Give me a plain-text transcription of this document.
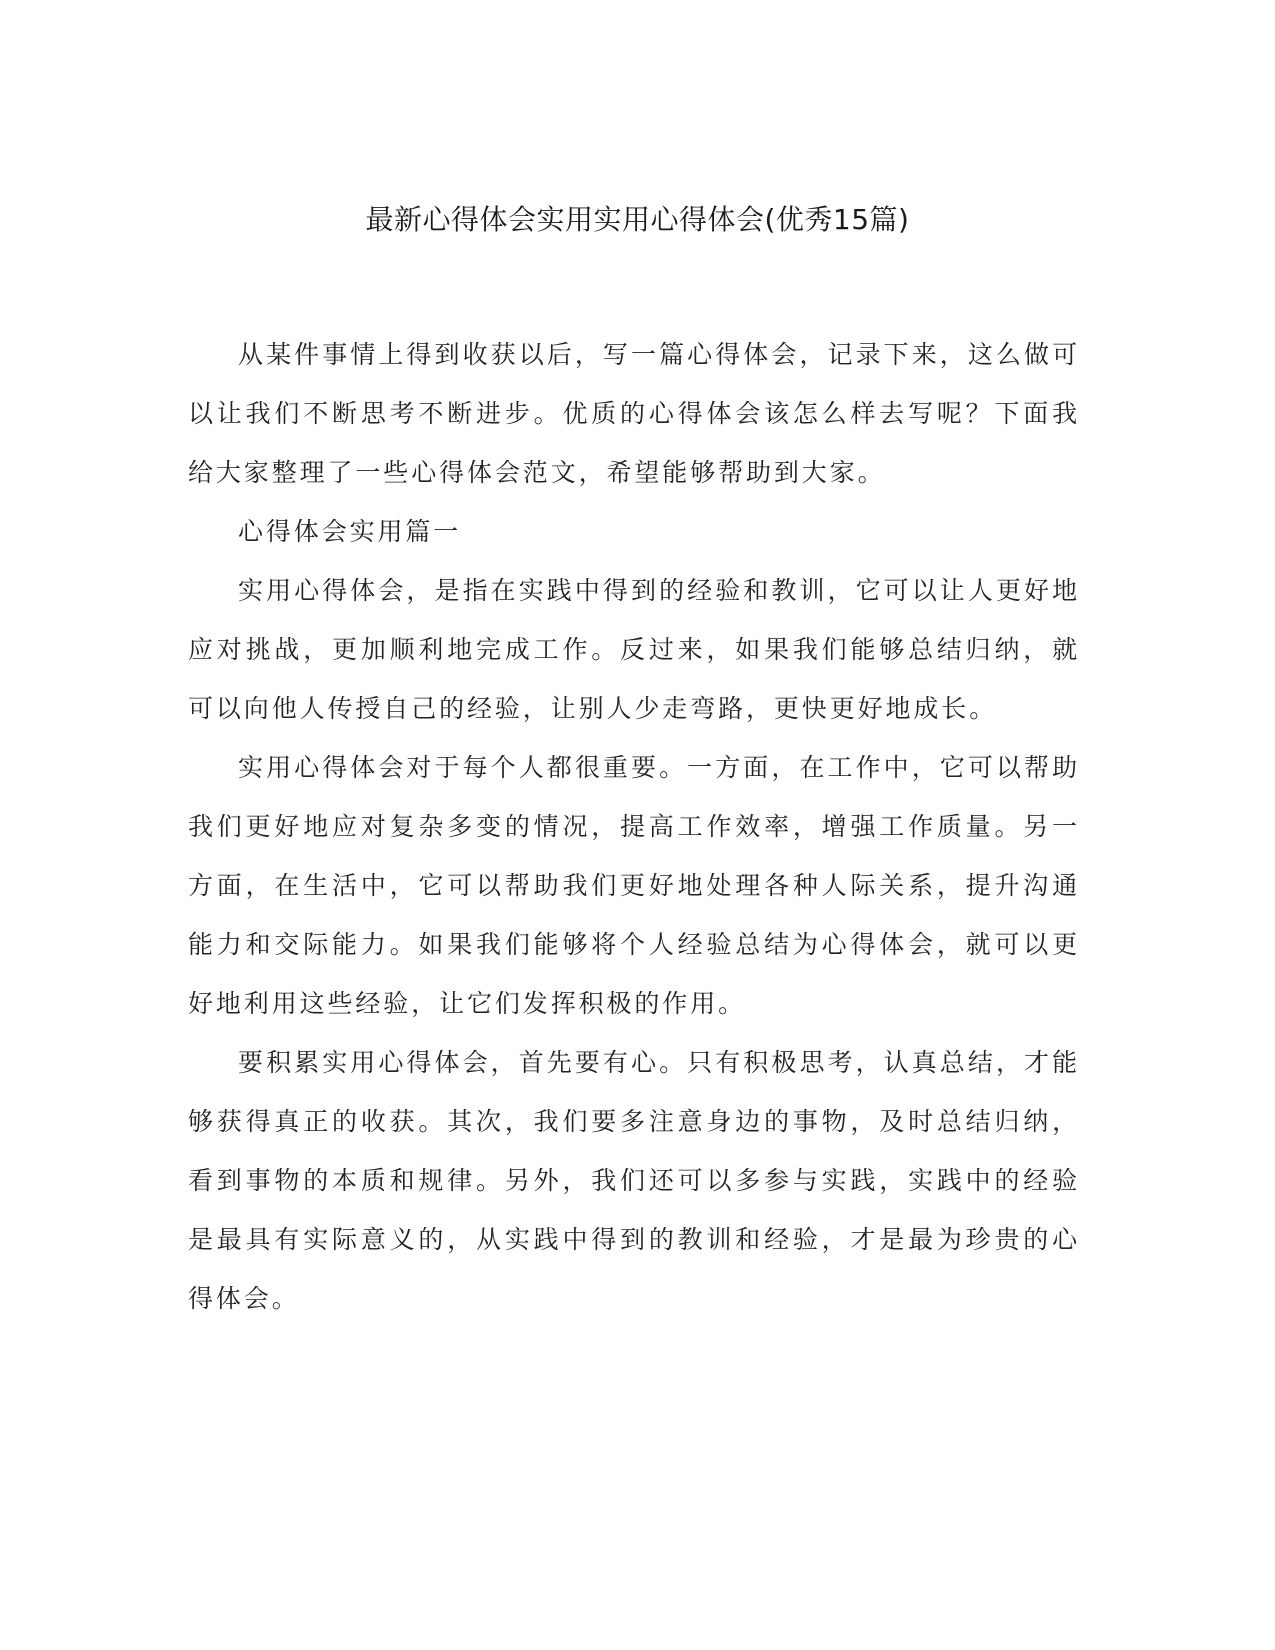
最新心得体会实用实用心得体会(优秀15篇)

从某件事情上得到收获以后，写一篇心得体会，记录下来，这么做可以让我们不断思考不断进步。优质的心得体会该怎么样去写呢？下面我给大家整理了一些心得体会范文，希望能够帮助到大家。

心得体会实用篇一

实用心得体会，是指在实践中得到的经验和教训，它可以让人更好地应对挑战，更加顺利地完成工作。反过来，如果我们能够总结归纳，就可以向他人传授自己的经验，让别人少走弯路，更快更好地成长。

实用心得体会对于每个人都很重要。一方面，在工作中，它可以帮助我们更好地应对复杂多变的情况，提高工作效率，增强工作质量。另一方面，在生活中，它可以帮助我们更好地处理各种人际关系，提升沟通能力和交际能力。如果我们能够将个人经验总结为心得体会，就可以更好地利用这些经验，让它们发挥积极的作用。

要积累实用心得体会，首先要有心。只有积极思考，认真总结，才能够获得真正的收获。其次，我们要多注意身边的事物，及时总结归纳，看到事物的本质和规律。另外，我们还可以多参与实践，实践中的经验是最具有实际意义的，从实践中得到的教训和经验，才是最为珍贵的心得体会。
